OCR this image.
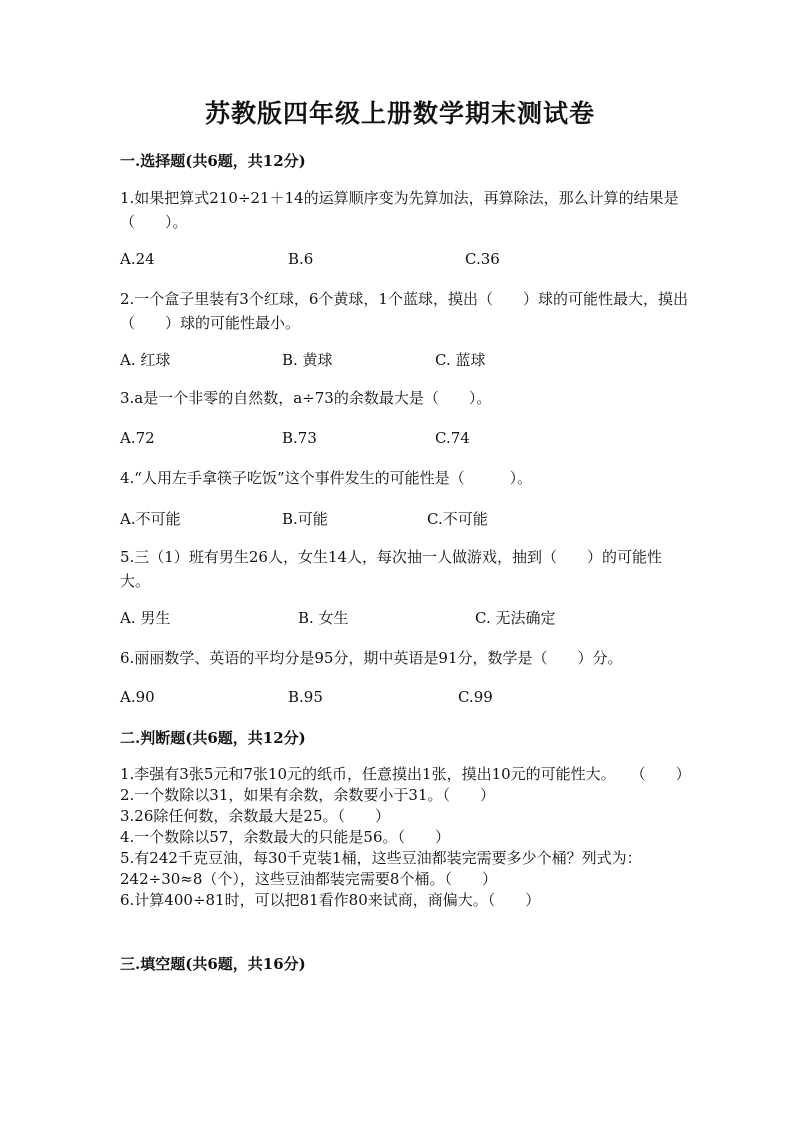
苏教版四年级上册数学期末测试卷
一.选择题(共6题，共12分)
1.如果把算式210÷21＋14的运算顺序变为先算加法，再算除法，那么计算的结果是（　　）。
A.24	B.6	C.36
2.一个盒子里装有3个红球，6个黄球，1个蓝球，摸出（　　）球的可能性最大，摸出（　　）球的可能性最小。
A. 红球	B. 黄球	C. 蓝球
3.a是一个非零的自然数，a÷73的余数最大是（　　）。
A.72	B.73	C.74
4.“人用左手拿筷子吃饭”这个事件发生的可能性是（　　　）。
A.不可能	B.可能	C.不可能
5.三（1）班有男生26人，女生14人，每次抽一人做游戏，抽到（　　）的可能性大。
A. 男生	B. 女生	C. 无法确定
6.丽丽数学、英语的平均分是95分，期中英语是91分，数学是（　　）分。
A.90	B.95	C.99
二.判断题(共6题，共12分)
1.李强有3张5元和7张10元的纸币，任意摸出1张，摸出10元的可能性大。　　（　　）
2.一个数除以31，如果有余数，余数要小于31。（　　）
3.26除任何数，余数最大是25。（　　）
4.一个数除以57，余数最大的只能是56。（　　）
5.有242千克豆油，每30千克装1桶，这些豆油都装完需要多少个桶？列式为：242÷30≈8（个），这些豆油都装完需要8个桶。（　　）
6.计算400÷81时，可以把81看作80来试商，商偏大。（　　）
三.填空题(共6题，共16分)
